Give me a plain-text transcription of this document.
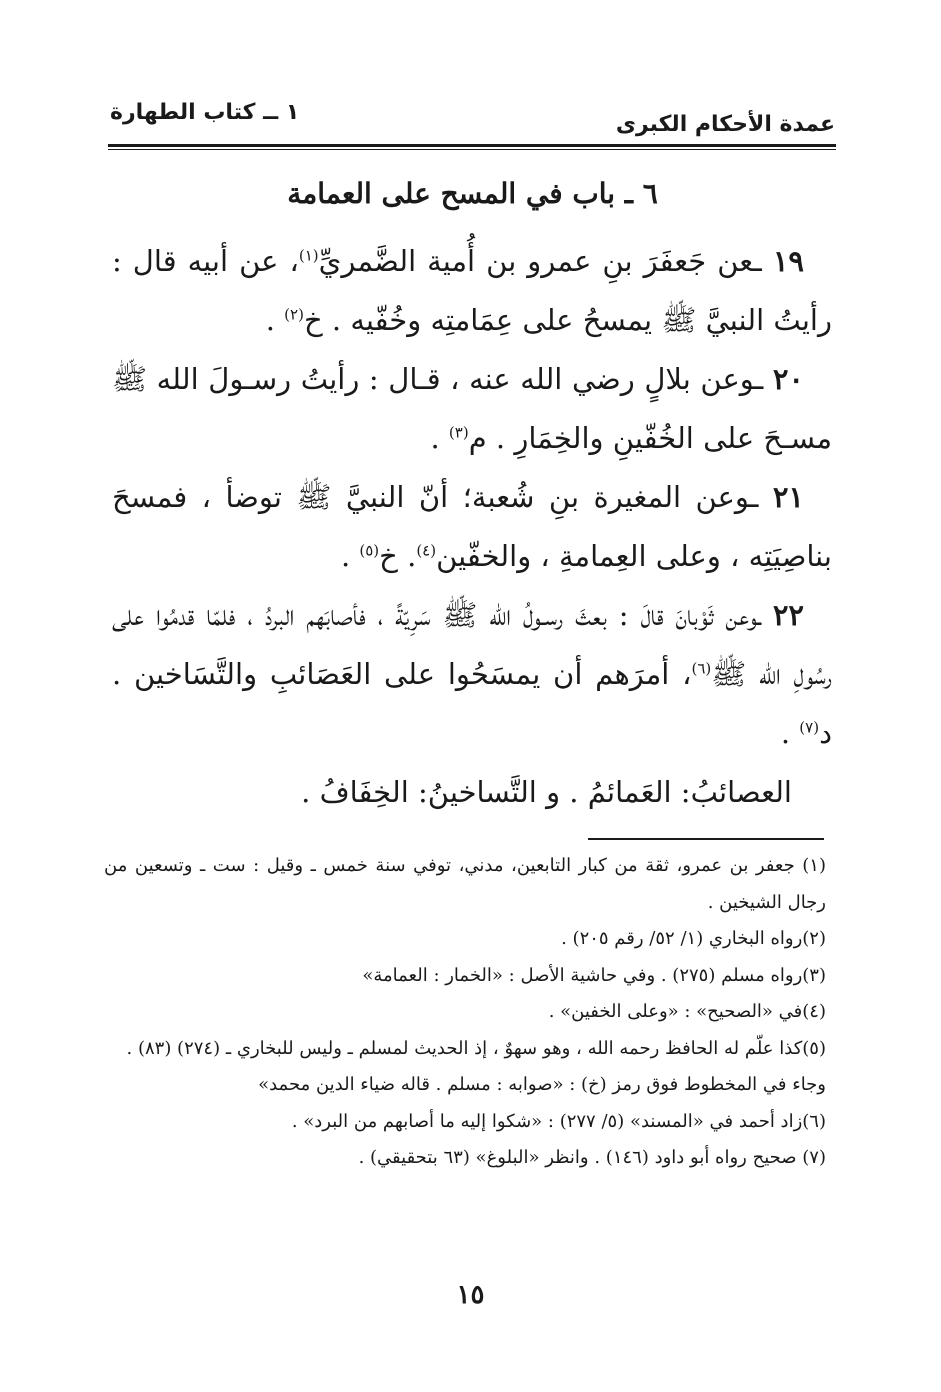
عمدة الأحكام الكبرى
١ ــ كتاب الطهارة
٦ ـ باب في المسح على العمامة

١٩ ـعن جَعفَرَ بنِ عمرو بن أُمية الضَّمريِّ$^{(١)}$، عن أبيه قال : رأيتُ النبيَّ ﷺ يمسحُ على عِمَامتِه وخُفّيه . خ$^{(٢)}$ .

٢٠ ـوعن بلالٍ رضي الله عنه ، قـال : رأيتُ رسـولَ الله ﷺ مسـحَ على الخُفّينِ والخِمَارِ . م$^{(٣)}$ .

٢١ ـوعن المغيرة بنِ شُعبة؛ أنّ النبيَّ ﷺ توضأ ، فمسحَ بناصِيَتِه ، وعلى العِمامةِ ، والخفّين$^{(٤)}$. خ$^{(٥)}$ .

٢٢ ـوعن ثَوْبانَ قالَ : بعثَ رسـولُ الله ﷺ سَرِيّةً ، فأصابَهم البردُ ، فلمّا قدمُوا على رسُولِ الله ﷺ$^{(٦)}$، أمرَهم أن يمسَحُوا على العَصَائبِ والتَّسَاخين . د$^{(٧)}$ .

العصائبُ: العَمائمُ . و التَّساخينُ: الخِفَافُ .

(١) جعفر بن عمرو، ثقة من كبار التابعين، مدني، توفي سنة خمس ـ وقيل : ست ـ وتسعين من رجال الشيخين .

(٢)رواه البخاري (١/ ٥٢/ رقم ٢٠٥) .

(٣)رواه مسلم (٢٧٥) . وفي حاشية الأصل : «الخمار : العمامة»

(٤)في «الصحيح» : «وعلى الخفين» .

(٥)كذا علّم له الحافظ رحمه الله ، وهو سهوٌ ، إذ الحديث لمسلم ـ وليس للبخاري ـ (٢٧٤) (٨٣) .

وجاء في المخطوط فوق رمز (خ) : «صوابه : مسلم . قاله ضياء الدين محمد»

(٦)زاد أحمد في «المسند» (٥/ ٢٧٧) : «شكوا إليه ما أصابهم من البرد» .

(٧) صحيح رواه أبو داود (١٤٦) . وانظر «البلوغ» (٦٣ بتحقيقي) .

١٥
